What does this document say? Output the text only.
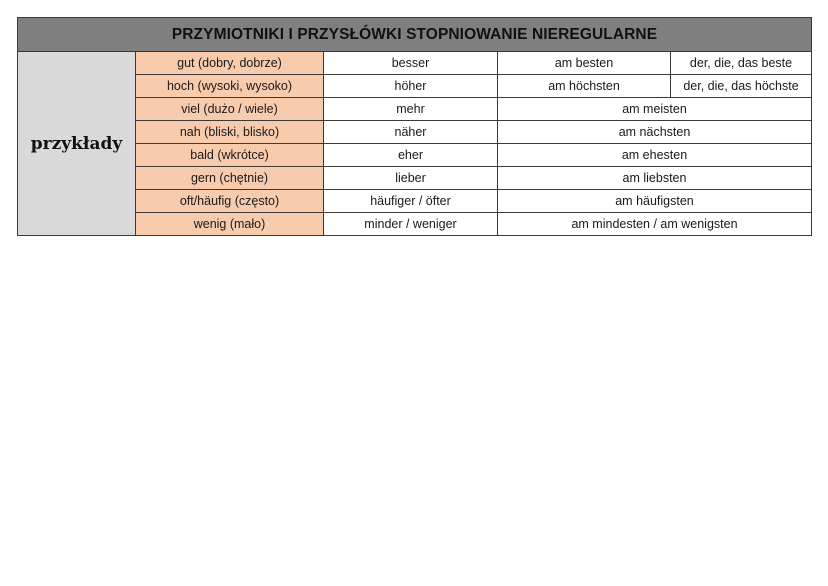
PRZYMIOTNIKI I PRZYSŁÓWKI STOPNIOWANIE NIEREGULARNE				
przykłady	gut (dobry, dobrze)	besser	am besten	der, die, das beste
	hoch (wysoki, wysoko)	höher	am höchsten	der, die, das höchste
	viel (dużo / wiele)	mehr	am meisten	
	nah (bliski, blisko)	näher	am nächsten	
	bald (wkrótce)	eher	am ehesten	
	gern (chętnie)	lieber	am liebsten	
	oft/häufig (często)	häufiger / öfter	am häufigsten	
	wenig (mało)	minder / weniger	am mindesten / am wenigsten	
